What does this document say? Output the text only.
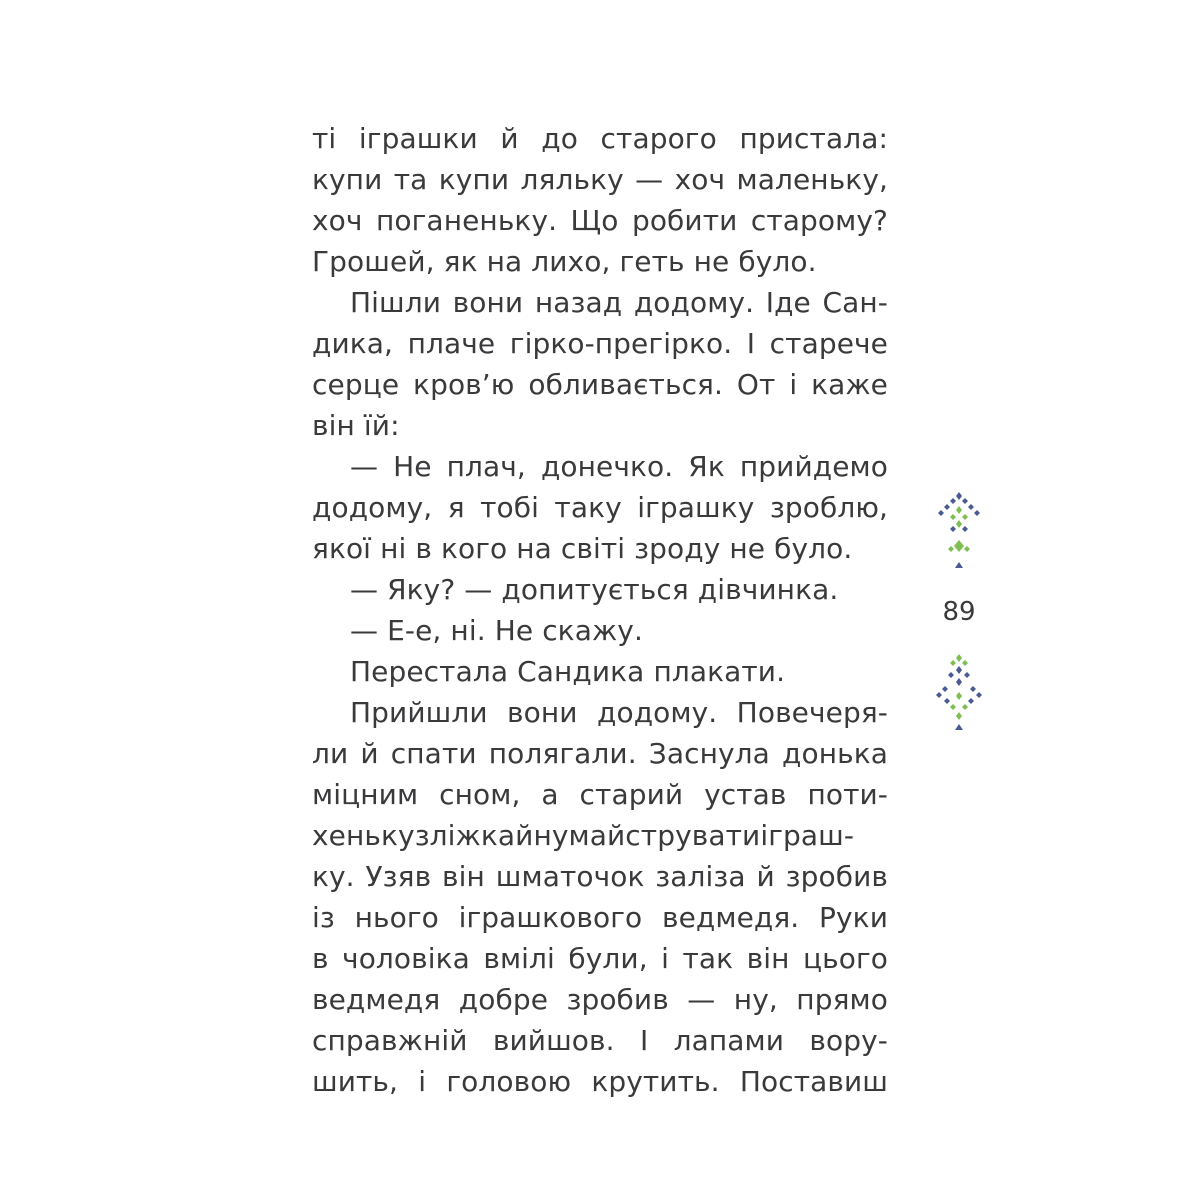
ті іграшки й до старого пристала:
купи та купи ляльку — хоч маленьку,
хоч поганеньку. Що робити старому?
Грошей, як на лихо, геть не було.
Пішли вони назад додому. Іде Сан-
дика, плаче гірко-прегірко. І старече
серце кров’ю обливається. От і каже
він їй:
— Не плач, донечко. Як прийдемо
додому, я тобі таку іграшку зроблю,
якої ні в кого на світі зроду не було.
— Яку? — допитується дівчинка.
— Е-е, ні. Не скажу.
Перестала Сандика плакати.
Прийшли вони додому. Повечеря-
ли й спати полягали. Заснула донька
міцним сном, а старий устав поти-
хенькузліжкайнумайструватиіграш-
ку. Узяв він шматочок заліза й зробив
із нього іграшкового ведмедя. Руки
в чоловіка вмілі були, і так він цього
ведмедя добре зробив — ну, прямо
справжній вийшов. І лапами вору-
шить, і головою крутить. Поставиш
89
